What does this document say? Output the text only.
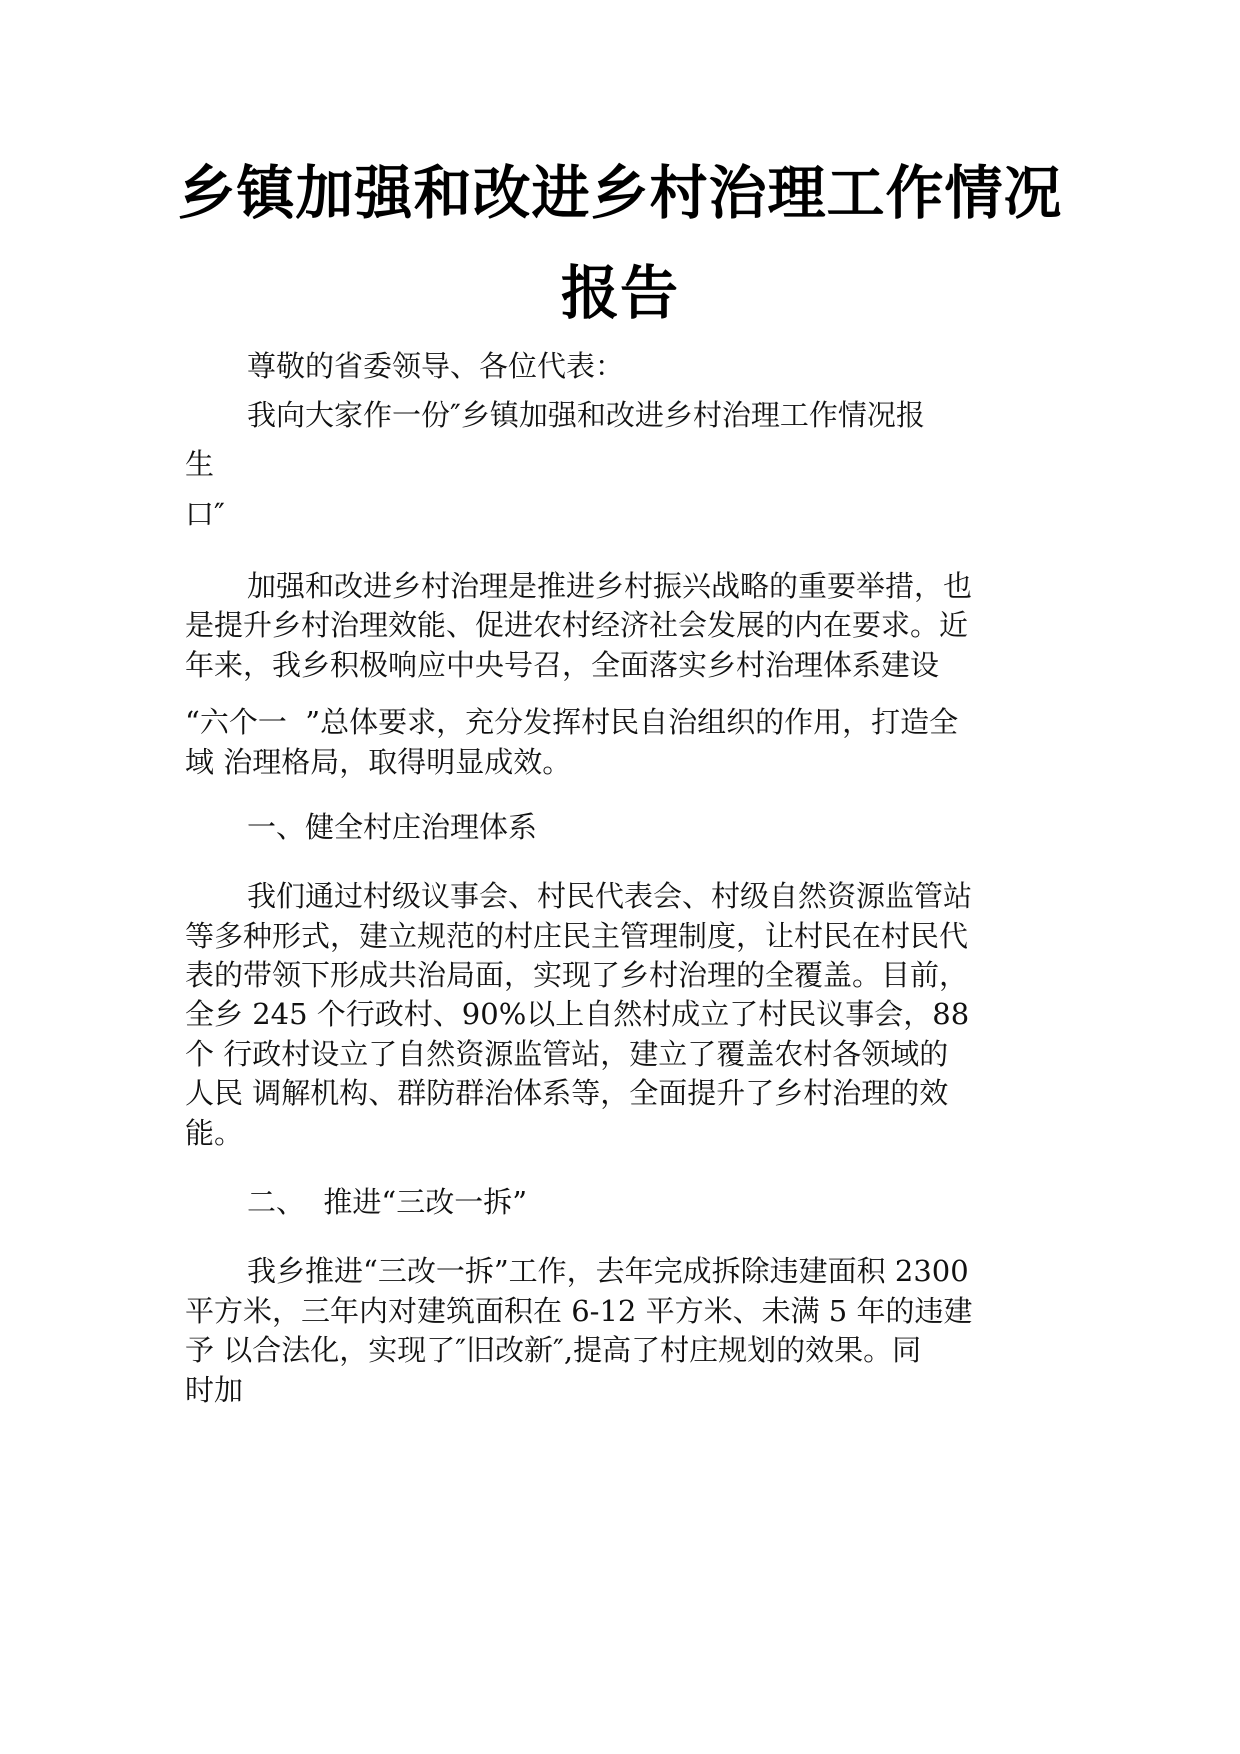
乡镇加强和改进乡村治理工作情况
报告
尊敬的省委领导、各位代表：
我向大家作一份″乡镇加强和改进乡村治理工作情况报
生
口″
加强和改进乡村治理是推进乡村振兴战略的重要举措，也
是提升乡村治理效能、促进农村经济社会发展的内在要求。近
年来，我乡积极响应中央号召，全面落实乡村治理体系建设
“六个一  ”总体要求，充分发挥村民自治组织的作用，打造全
域 治理格局，取得明显成效。
一、健全村庄治理体系
我们通过村级议事会、村民代表会、村级自然资源监管站
等多种形式，建立规范的村庄民主管理制度，让村民在村民代
表的带领下形成共治局面，实现了乡村治理的全覆盖。目前，
全乡 245 个行政村、90%以上自然村成立了村民议事会，88
个 行政村设立了自然资源监管站，建立了覆盖农村各领域的
人民 调解机构、群防群治体系等，全面提升了乡村治理的效
能。
二、  推进“三改一拆”
我乡推进“三改一拆”工作，去年完成拆除违建面积 2300
平方米，三年内对建筑面积在 6-12 平方米、未满 5 年的违建
予 以合法化，实现了″旧改新″,提高了村庄规划的效果。同
时加
